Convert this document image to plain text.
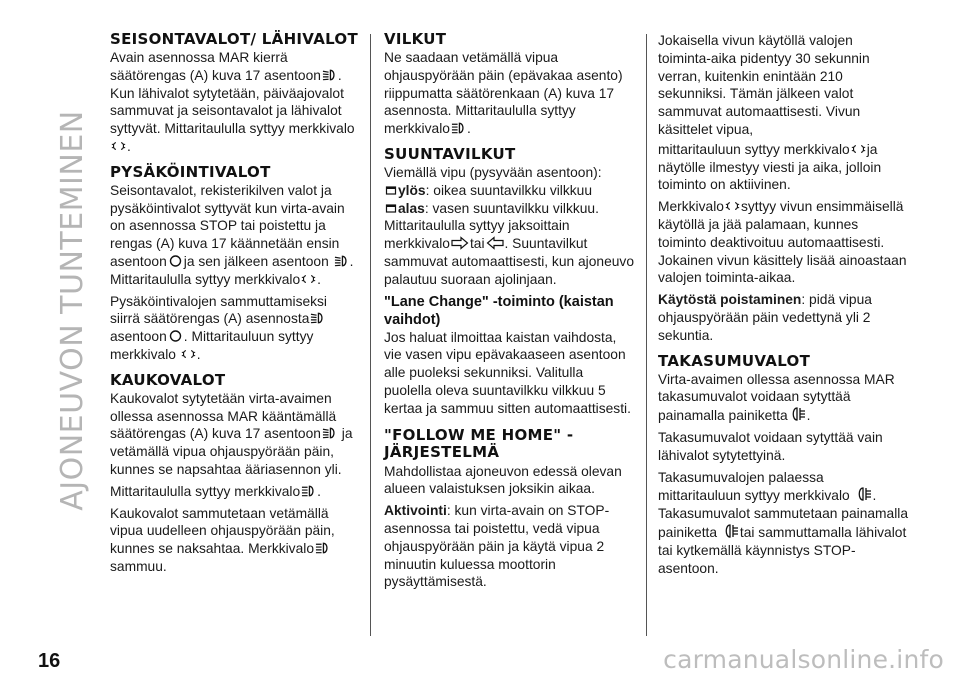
AJONEUVON TUNTEMINEN
SEISONTAVALOT/ LÄHIVALOT

Avain asennossa MAR kierrä säätörengas (A) kuva 17 asentoon . Kun lähivalot sytytetään, päiväajovalot sammuvat ja seisontavalot ja lähivalot syttyvät. Mittaritaululla syttyy merkkivalo
.

PYSÄKÖINTIVALOT

Seisontavalot, rekisterikilven valot ja pysäköintivalot syttyvät kun virta-avain on asennossa STOP tai poistettu ja rengas (A) kuva 17 käännetään ensin asentoon ja sen jälkeen asentoon . Mittaritaululla syttyy merkkivalo .

Pysäköintivalojen sammuttamiseksi siirrä säätörengas (A) asennosta
asentoon . Mittaritauluun syttyy merkkivalo .

KAUKOVALOT

Kaukovalot sytytetään virta-avaimen ollessa asennossa MAR kääntämällä säätörengas (A) kuva 17 asentoon ja vetämällä vipua ohjauspyörään päin, kunnes se napsahtaa ääriasennon yli.

Mittaritaululla syttyy merkkivalo .

Kaukovalot sammutetaan vetämällä vipua uudelleen ohjauspyörään päin, kunnes se naksahtaa. Merkkivalo
sammuu.

VILKUT

Ne saadaan vetämällä vipua ohjauspyörään päin (epävakaa asento) riippumatta säätörenkaan (A) kuva 17 asennosta. Mittaritaululla syttyy merkkivalo .

SUUNTAVILKUT

Viemällä vipu (pysyvään asentoon):

ylös: oikea suuntavilkku vilkkuu

alas: vasen suuntavilkku vilkkuu.

Mittaritaululla syttyy jaksoittain merkkivalo tai . Suuntavilkut sammuvat automaattisesti, kun ajoneuvo palautuu suoraan ajolinjaan.

"Lane Change" -toiminto (kaistan vaihdot)

Jos haluat ilmoittaa kaistan vaihdosta, vie vasen vipu epävakaaseen asentoon alle puoleksi sekunniksi. Valitulla puolella oleva suuntavilkku vilkkuu 5 kertaa ja sammuu sitten automaattisesti.

"FOLLOW ME HOME" - JÄRJESTELMÄ

Mahdollistaa ajoneuvon edessä olevan alueen valaistuksen joksikin aikaa.

Aktivointi: kun virta-avain on STOP-asennossa tai poistettu, vedä vipua ohjauspyörään päin ja käytä vipua 2 minuutin kuluessa moottorin pysäyttämisestä.

Jokaisella vivun käytöllä valojen toiminta-aika pidentyy 30 sekunnin verran, kuitenkin enintään 210 sekunniksi. Tämän jälkeen valot sammuvat automaattisesti. Vivun käsittelet vipua,

mittaritauluun syttyy merkkivalo ja näytölle ilmestyy viesti ja aika, jolloin toiminto on aktiivinen.

Merkkivalo syttyy vivun ensimmäisellä käytöllä ja jää palamaan, kunnes toiminto deaktivoituu automaattisesti. Jokainen vivun käsittely lisää ainoastaan valojen toiminta-aikaa.

Käytöstä poistaminen: pidä vipua ohjauspyörään päin vedettynä yli 2 sekuntia.

TAKASUMUVALOT

Virta-avaimen ollessa asennossa MAR takasumuvalot voidaan sytyttää painamalla painiketta .

Takasumuvalot voidaan sytyttää vain lähivalot sytytettyinä.

Takasumuvalojen palaessa mittaritauluun syttyy merkkivalo . Takasumuvalot sammutetaan painamalla painiketta tai sammuttamalla lähivalot tai kytkemällä käynnistys STOP-asentoon.

16	carmanualsonline.info
